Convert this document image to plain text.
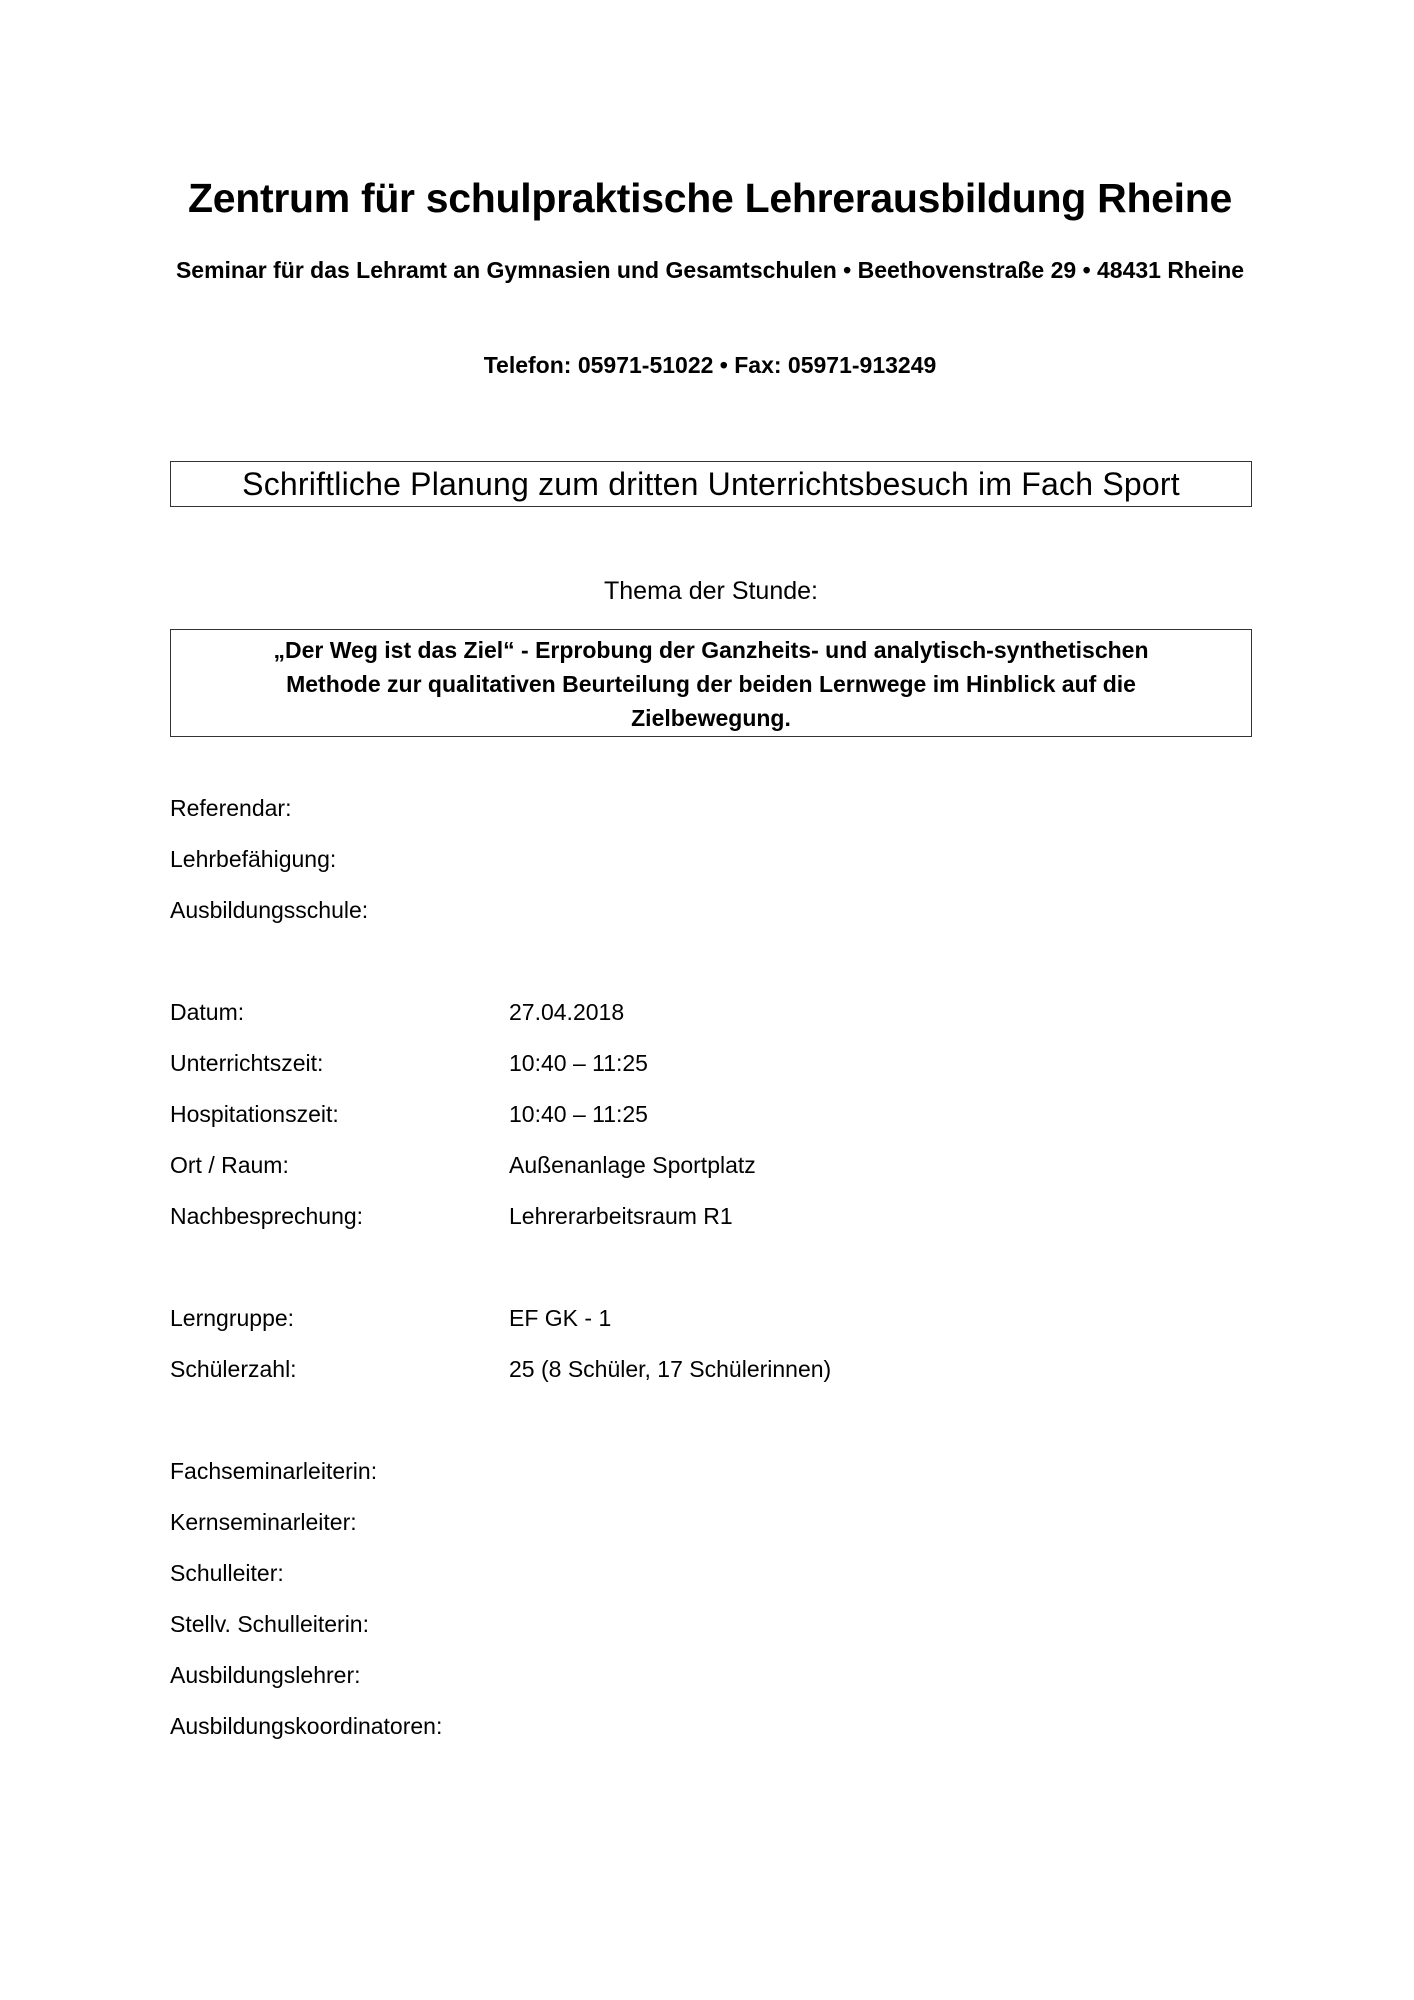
Zentrum für schulpraktische Lehrerausbildung Rheine
Seminar für das Lehramt an Gymnasien und Gesamtschulen • Beethovenstraße 29 • 48431 Rheine
Telefon: 05971-51022 • Fax: 05971-913249
Schriftliche Planung zum dritten Unterrichtsbesuch im Fach Sport
Thema der Stunde:
„Der Weg ist das Ziel“ - Erprobung der Ganzheits- und analytisch-synthetischen Methode zur qualitativen Beurteilung der beiden Lernwege im Hinblick auf die Zielbewegung.
Referendar:
Lehrbefähigung:
Ausbildungsschule:
Datum:	27.04.2018
Unterrichtszeit:	10:40 – 11:25
Hospitationszeit:	10:40 – 11:25
Ort / Raum:	Außenanlage Sportplatz
Nachbesprechung:	Lehrerarbeitsraum R1
Lerngruppe:	EF GK - 1
Schülerzahl:	25 (8 Schüler, 17 Schülerinnen)
Fachseminarleiterin:
Kernseminarleiter:
Schulleiter:
Stellv. Schulleiterin:
Ausbildungslehrer:
Ausbildungskoordinatoren:
